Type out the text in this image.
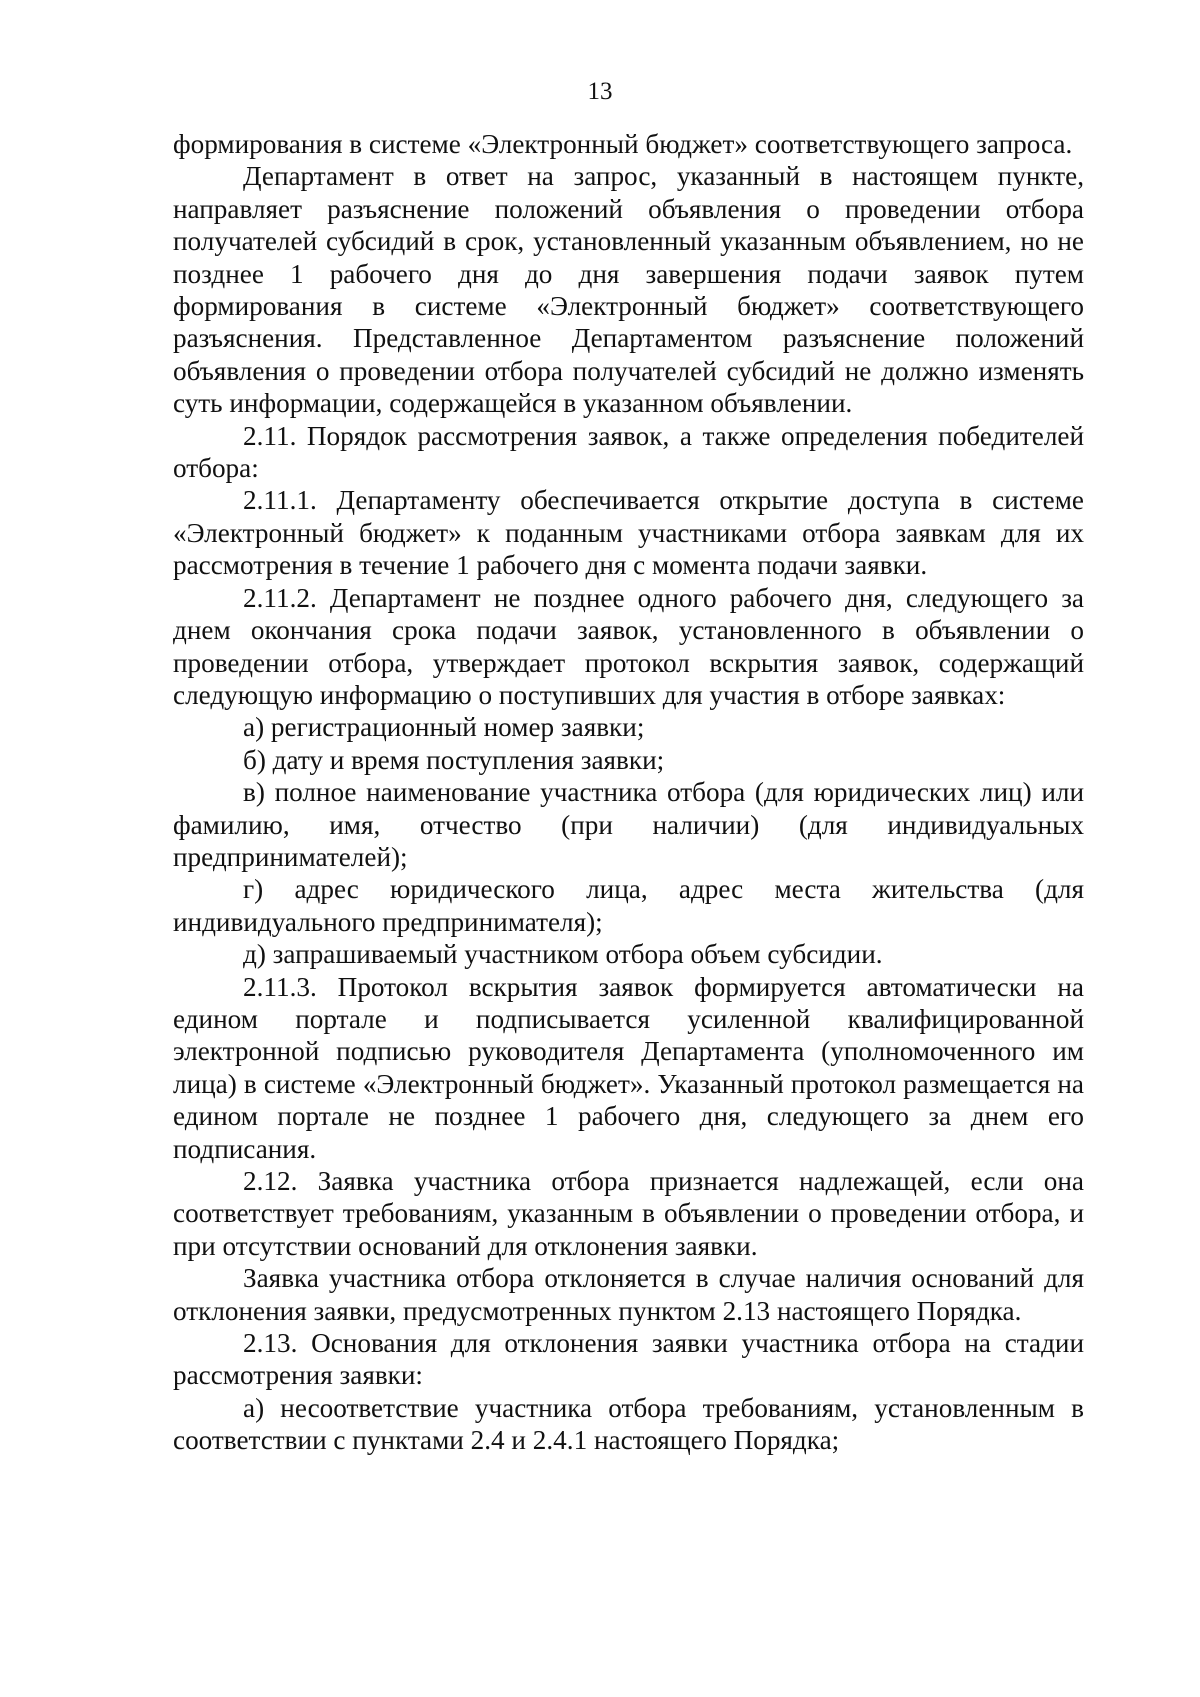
13

формирования в системе «Электронный бюджет» соответствующего запроса.

Департамент в ответ на запрос, указанный в настоящем пункте, направляет разъяснение положений объявления о проведении отбора получателей субсидий в срок, установленный указанным объявлением, но не позднее 1 рабочего дня до дня завершения подачи заявок путем формирования в системе «Электронный бюджет» соответствующего разъяснения. Представленное Департаментом разъяснение положений объявления о проведении отбора получателей субсидий не должно изменять суть информации, содержащейся в указанном объявлении.

2.11. Порядок рассмотрения заявок, а также определения победителей отбора:

2.11.1. Департаменту обеспечивается открытие доступа в системе «Электронный бюджет» к поданным участниками отбора заявкам для их рассмотрения в течение 1 рабочего дня с момента подачи заявки.

2.11.2. Департамент не позднее одного рабочего дня, следующего за днем окончания срока подачи заявок, установленного в объявлении о проведении отбора, утверждает протокол вскрытия заявок, содержащий следующую информацию о поступивших для участия в отборе заявках:

а) регистрационный номер заявки;

б) дату и время поступления заявки;

в) полное наименование участника отбора (для юридических лиц) или фамилию, имя, отчество (при наличии) (для индивидуальных предпринимателей);

г) адрес юридического лица, адрес места жительства (для индивидуального предпринимателя);

д) запрашиваемый участником отбора объем субсидии.

2.11.3. Протокол вскрытия заявок формируется автоматически на едином портале и подписывается усиленной квалифицированной электронной подписью руководителя Департамента (уполномоченного им лица) в системе «Электронный бюджет». Указанный протокол размещается на едином портале не позднее 1 рабочего дня, следующего за днем его подписания.

2.12. Заявка участника отбора признается надлежащей, если она соответствует требованиям, указанным в объявлении о проведении отбора, и при отсутствии оснований для отклонения заявки.

Заявка участника отбора отклоняется в случае наличия оснований для отклонения заявки, предусмотренных пунктом 2.13 настоящего Порядка.

2.13. Основания для отклонения заявки участника отбора на стадии рассмотрения заявки:

а) несоответствие участника отбора требованиям, установленным в соответствии с пунктами 2.4 и 2.4.1 настоящего Порядка;
